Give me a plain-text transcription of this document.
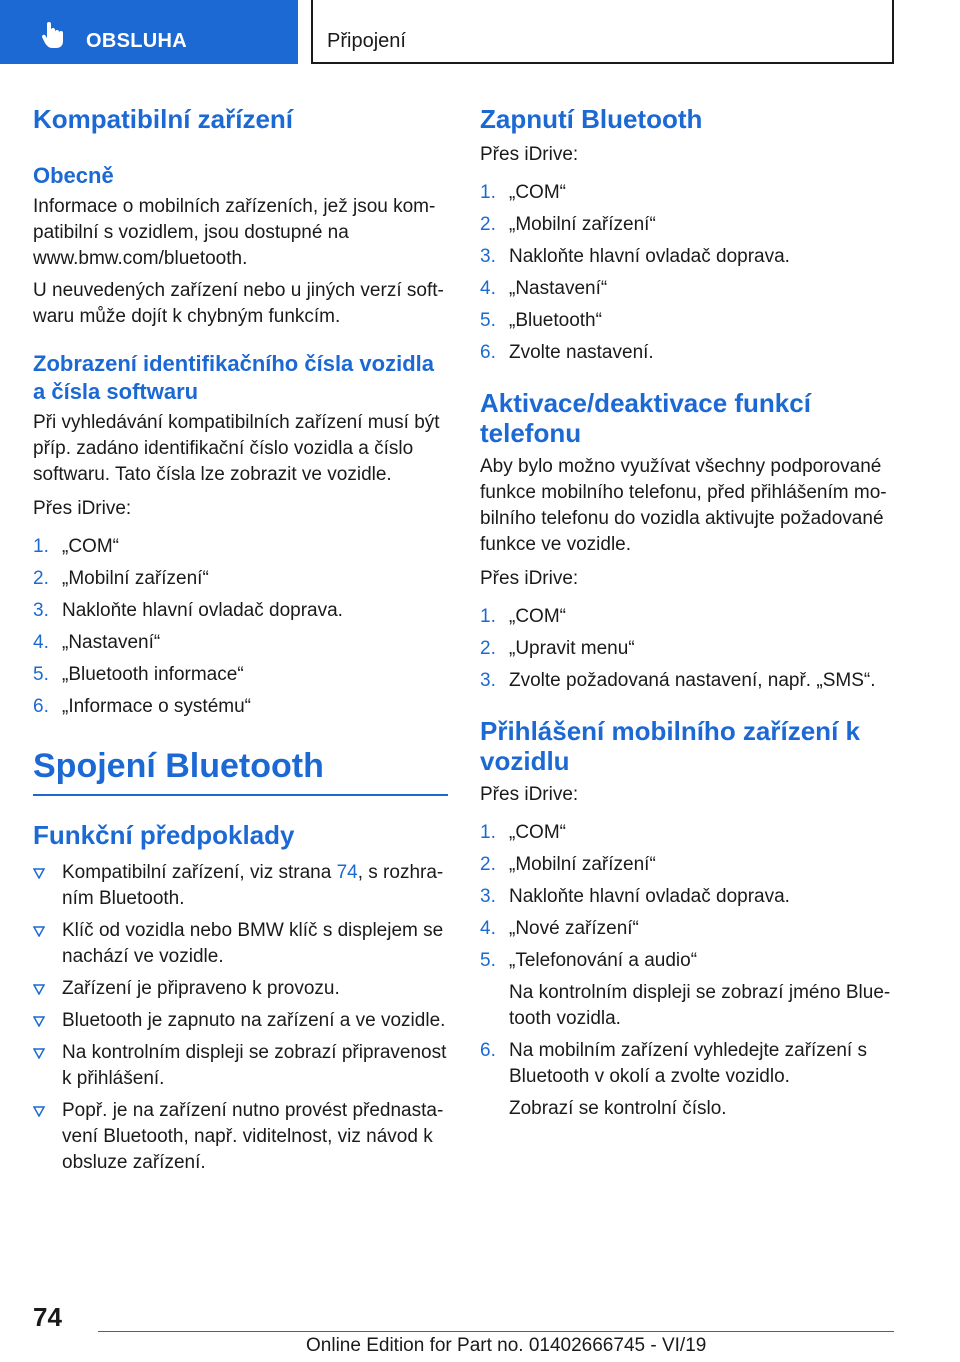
OBSLUHA	Připojení
Kompatibilní zařízení
Obecně

Informace o mobilních zařízeních, jež jsou kompatibilní s vozidlem, jsou dostupné na www.bmw.com/bluetooth.

U neuvedených zařízení nebo u jiných verzí softwaru může dojít k chybným funkcím.

Zobrazení identifikačního čísla vozidla a čísla softwaru

Při vyhledávání kompatibilních zařízení musí být příp. zadáno identifikační číslo vozidla a číslo softwaru. Tato čísla lze zobrazit ve vozidle.

Přes iDrive:

1. „COM“
2. „Mobilní zařízení“
3. Nakloňte hlavní ovladač doprava.
4. „Nastavení“
5. „Bluetooth informace“
6. „Informace o systému“
Spojení Bluetooth
Funkční předpoklady
Kompatibilní zařízení, viz strana 74, s rozhraním Bluetooth.
Klíč od vozidla nebo BMW klíč s displejem se nachází ve vozidle.
Zařízení je připraveno k provozu.
Bluetooth je zapnuto na zařízení a ve vozidle.
Na kontrolním displeji se zobrazí připravenost k přihlášení.
Popř. je na zařízení nutno provést přednastavení Bluetooth, např. viditelnost, viz návod k obsluze zařízení.
Zapnutí Bluetooth

Přes iDrive:

1. „COM“
2. „Mobilní zařízení“
3. Nakloňte hlavní ovladač doprava.
4. „Nastavení“
5. „Bluetooth“
6. Zvolte nastavení.
Aktivace/deaktivace funkcí telefonu

Aby bylo možno využívat všechny podporované funkce mobilního telefonu, před přihlášením mobilního telefonu do vozidla aktivujte požadované funkce ve vozidle.

Přes iDrive:

1. „COM“
2. „Upravit menu“
3. Zvolte požadovaná nastavení, např. „SMS“.
Přihlášení mobilního zařízení k vozidlu

Přes iDrive:

1. „COM“
2. „Mobilní zařízení“
3. Nakloňte hlavní ovladač doprava.
4. „Nové zařízení“
5. „Telefonování a audio“
Na kontrolním displeji se zobrazí jméno Bluetooth vozidla.
6. Na mobilním zařízení vyhledejte zařízení s Bluetooth v okolí a zvolte vozidlo.
Zobrazí se kontrolní číslo.
74
Online Edition for Part no. 01402666745 - VI/19
